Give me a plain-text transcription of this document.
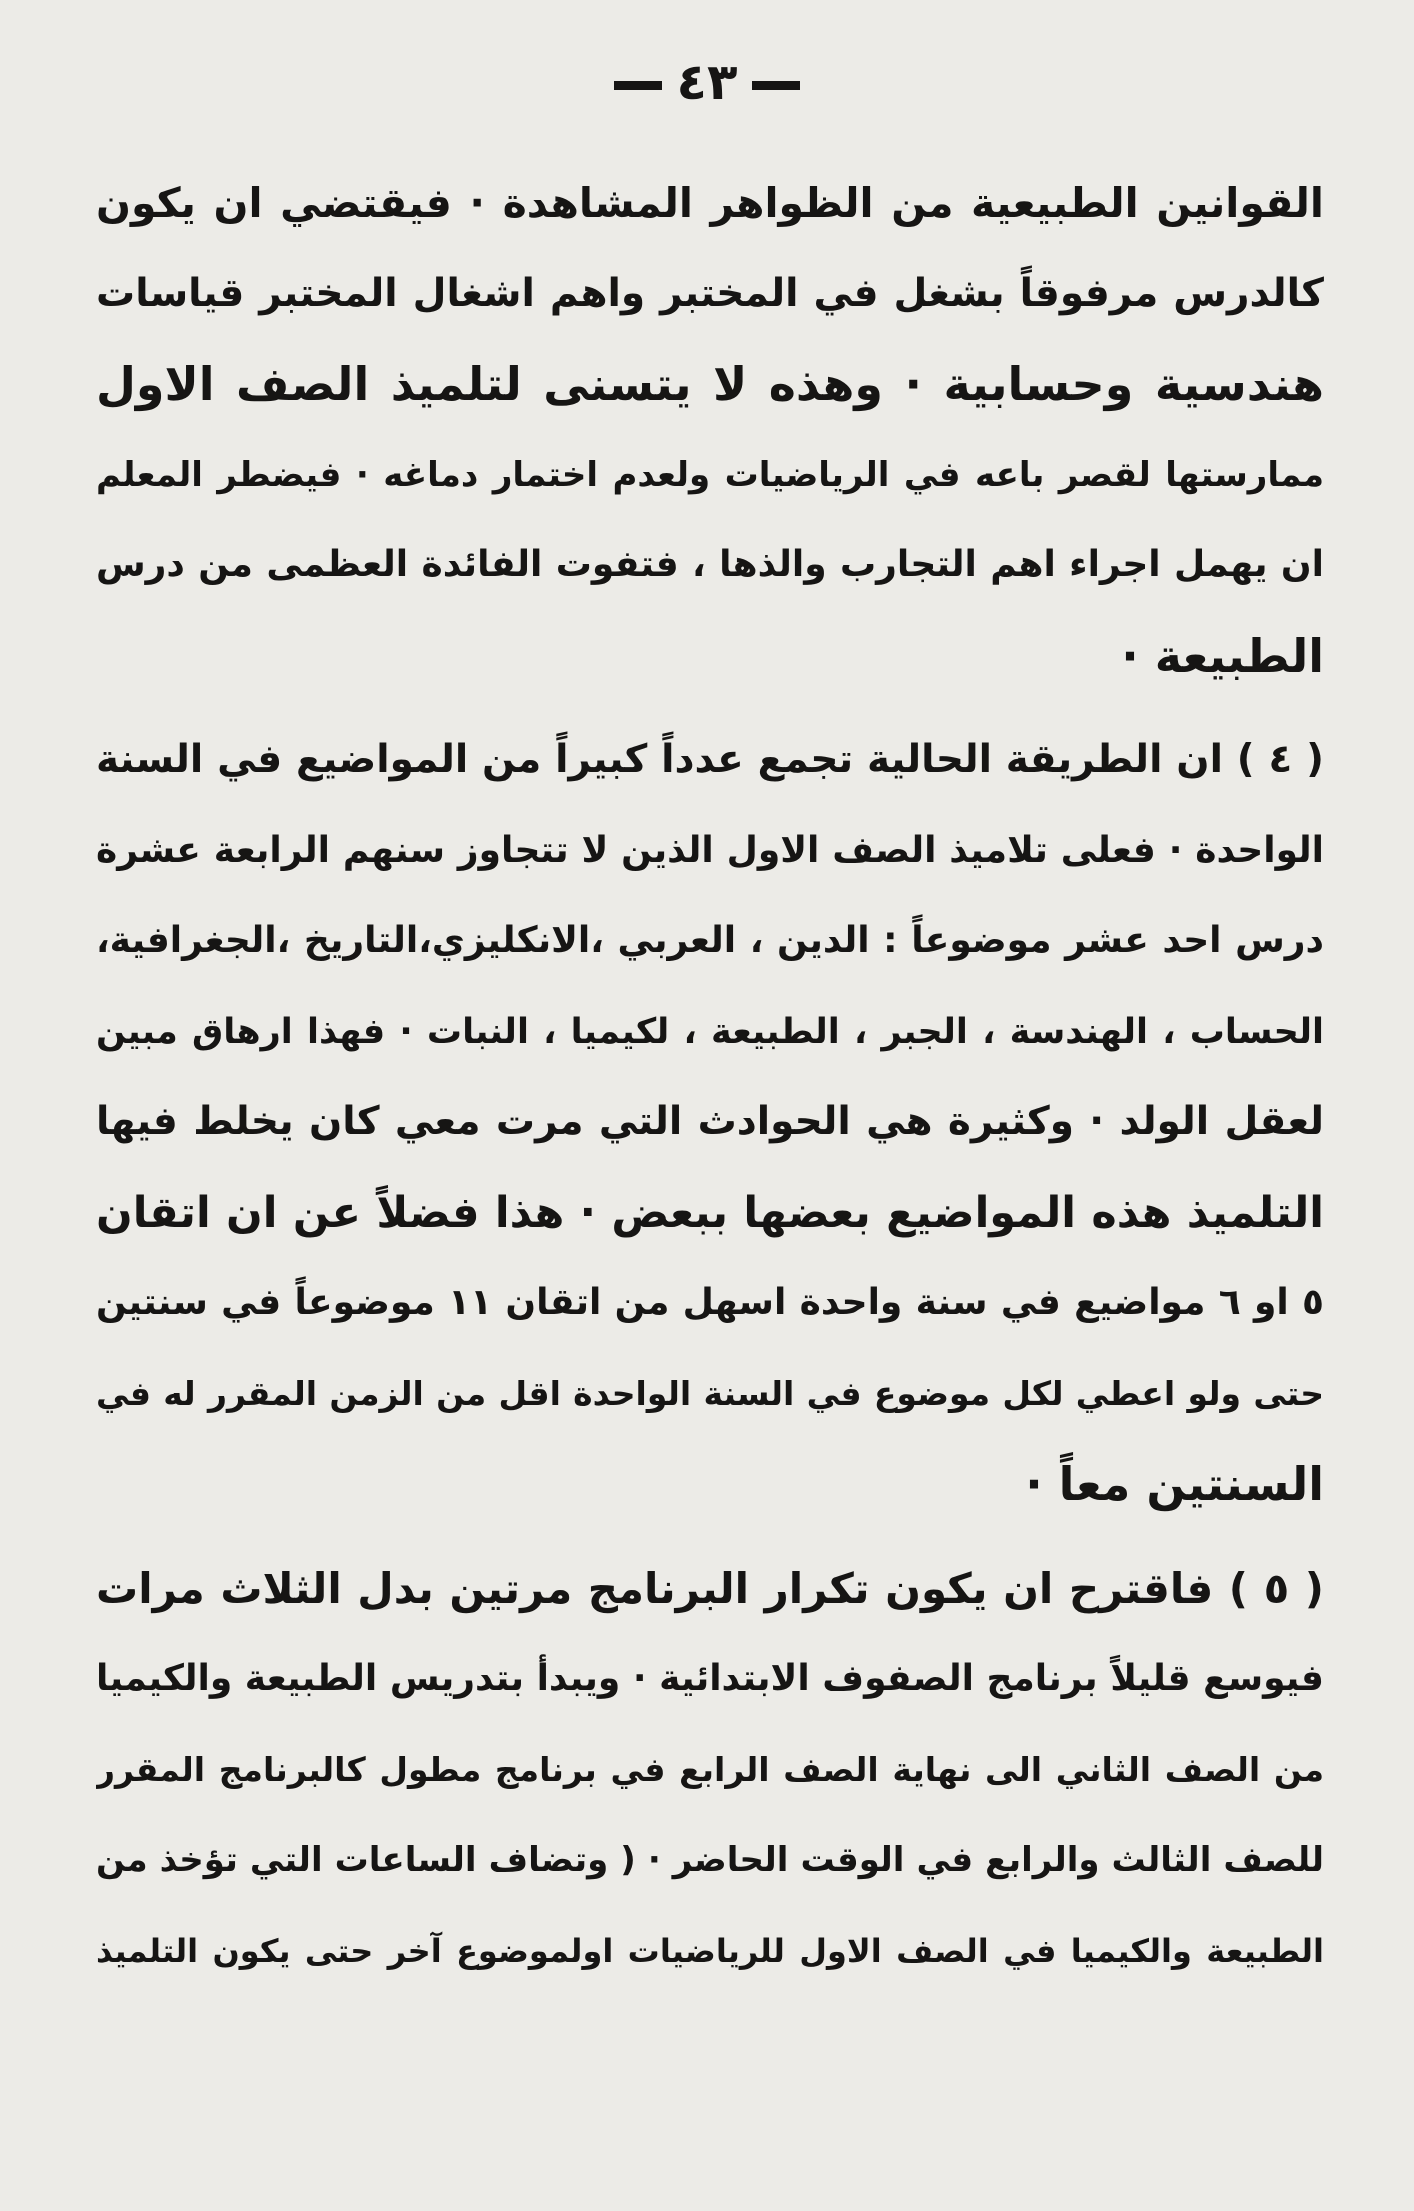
٤٣
القوانين الطبيعية من الظواهر المشاهدة · فيقتضي ان يكون
كالدرس مرفوقاً بشغل في المختبر واهم اشغال المختبر قياسات
هندسية وحسابية · وهذه لا يتسنى لتلميذ الصف الاول
ممارستها لقصر باعه في الرياضيات ولعدم اختمار دماغه · فيضطر المعلم
ان يهمل اجراء اهم التجارب والذها ، فتفوت الفائدة العظمى من درس
الطبيعة ·
( ٤ ) ان الطريقة الحالية تجمع عدداً كبيراً من المواضيع في السنة
الواحدة · فعلى تلاميذ الصف الاول الذين لا تتجاوز سنهم الرابعة عشرة
درس احد عشر موضوعاً : الدين ، العربي ،الانكليزي،التاريخ ،الجغرافية،
الحساب ، الهندسة ، الجبر ، الطبيعة ، لكيميا ، النبات · فهذا ارهاق مبين
لعقل الولد · وكثيرة هي الحوادث التي مرت معي كان يخلط فيها
التلميذ هذه المواضيع بعضها ببعض · هذا فضلاً عن ان اتقان
٥ او ٦ مواضيع في سنة واحدة اسهل من اتقان ١١ موضوعاً في سنتين
حتى ولو اعطي لكل موضوع في السنة الواحدة اقل من الزمن المقرر له في
السنتين معاً ·
( ٥ ) فاقترح ان يكون تكرار البرنامج مرتين بدل الثلاث مرات
فيوسع قليلاً برنامج الصفوف الابتدائية · ويبدأ بتدريس الطبيعة والكيميا
من الصف الثاني الى نهاية الصف الرابع في برنامج مطول كالبرنامج المقرر
للصف الثالث والرابع في الوقت الحاضر · ( وتضاف الساعات التي تؤخذ من
الطبيعة والكيميا في الصف الاول للرياضيات اولموضوع آخر حتى يكون التلميذ
